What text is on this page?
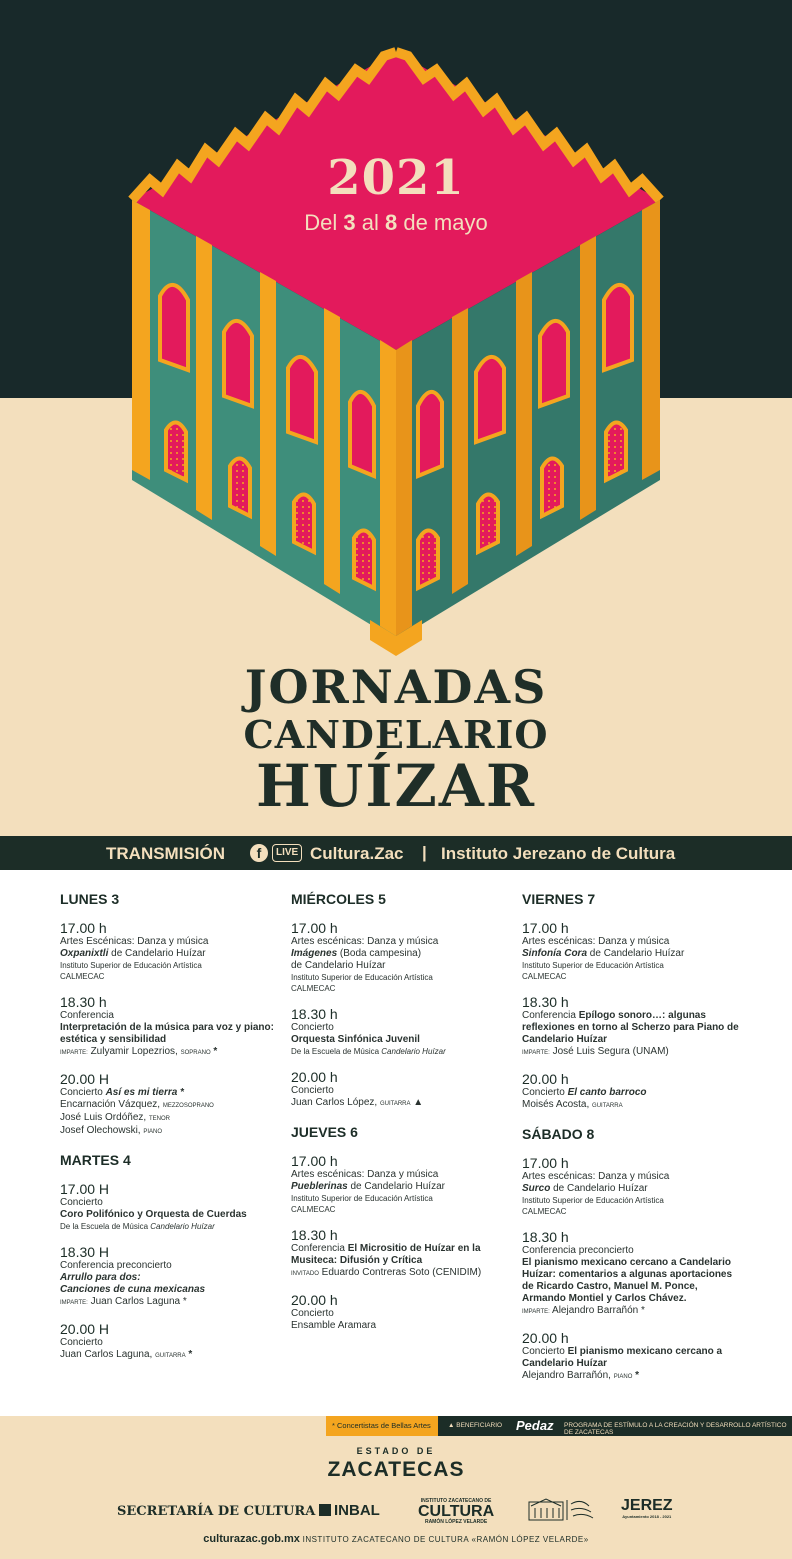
2021
Del 3 al 8 de mayo
JORNADAS
CANDELARIO
HUÍZAR
TRANSMISIÓN	f	LIVE Cultura.Zac | Instituto Jerezano de Cultura
LUNES 3
17.00 h
Artes Escénicas: Danza y música
Oxpanixtli de Candelario Huízar
Instituto Superior de Educación Artística
CALMECAC
18.30 h
Conferencia
Interpretación de la música para voz y piano: estética y sensibilidad
IMPARTE: Zulyamir Lopezrios, SOPRANO *
20.00 H
Concierto Así es mi tierra *
Encarnación Vázquez, MEZZOSOPRANO
José Luis Ordóñez, TENOR
Josef Olechowski, PIANO
MARTES 4
17.00 H
Concierto
Coro Polifónico y Orquesta de Cuerdas
De la Escuela de Música Candelario Huízar
18.30 H
Conferencia preconcierto
Arrullo para dos:
Canciones de cuna mexicanas
IMPARTE: Juan Carlos Laguna *
20.00 H
Concierto
Juan Carlos Laguna, GUITARRA *
MIÉRCOLES 5
17.00 h
Artes escénicas: Danza y música
Imágenes (Boda campesina)
de Candelario Huízar
Instituto Superior de Educación Artística
CALMECAC
18.30 h
Concierto
Orquesta Sinfónica Juvenil
De la Escuela de Música Candelario Huízar
20.00 h
Concierto
Juan Carlos López, GUITARRA ▲
JUEVES 6
17.00 h
Artes escénicas: Danza y música
Pueblerinas de Candelario Huízar
Instituto Superior de Educación Artística
CALMECAC
18.30 h
Conferencia El Micrositio de Huízar en la
Musiteca: Difusión y Crítica
INVITADO Eduardo Contreras Soto (CENIDIM)
20.00 h
Concierto
Ensamble Aramara
VIERNES 7
17.00 h
Artes escénicas: Danza y música
Sinfonía Cora de Candelario Huízar
Instituto Superior de Educación Artística
CALMECAC
18.30 h
Conferencia Epílogo sonoro…: algunas
reflexiones en torno al Scherzo para Piano de Candelario Huízar
IMPARTE: José Luis Segura (UNAM)
20.00 h
Concierto El canto barroco
Moisés Acosta, GUITARRA
SÁBADO 8
17.00 h
Artes escénicas: Danza y música
Surco de Candelario Huízar
Instituto Superior de Educación Artística
CALMECAC
18.30 h
Conferencia preconcierto
El pianismo mexicano cercano a Candelario Huízar: comentarios a algunas aportaciones de Ricardo Castro, Manuel M. Ponce, Armando Montiel y Carlos Chávez.
IMPARTE: Alejandro Barrañón *
20.00 h
Concierto El pianismo mexicano cercano a Candelario Huízar
Alejandro Barrañón, PIANO *
* Concertistas de Bellas Artes	▲ BENEFICIARIO Pedaz PROGRAMA DE ESTÍMULO A LA CREACIÓN Y DESARROLLO ARTÍSTICO DE ZACATECAS
ESTADO DE
ZACATECAS
SECRETARÍA DE CULTURA	INBAL
INSTITUTO ZACATECANO DE
CULTURA
RAMÓN LÓPEZ VELARDE
JEREZ
Ayuntamiento 2018 - 2021
culturazac.gob.mx INSTITUTO ZACATECANO DE CULTURA «RAMÓN LÓPEZ VELARDE»
